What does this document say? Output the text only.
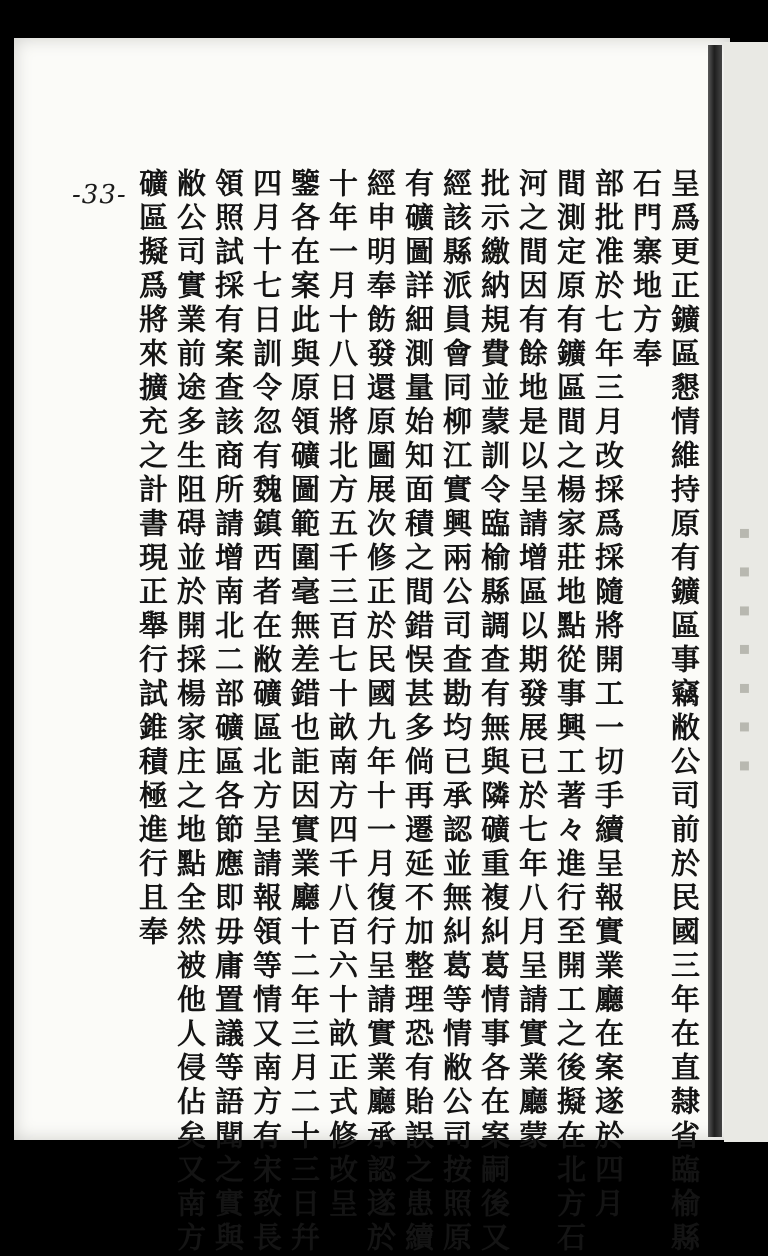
▪ ▪ ▪ ▪ ▪ ▪ ▪
-33-	呈爲更正鑛區懇情維持原有鑛區事竊敝公司前於民國三年在直隸省臨榆縣
石門寨地方奉
部批准於七年三月改採爲採隨將開工一切手續呈報實業廳在案遂於四月
間測定原有鑛區間之楊家莊地點從事興工著々進行至開工之後擬在北方石
河之間因有餘地是以呈請增區以期發展已於七年八月呈請實業廳蒙
批示繳納規費並蒙訓令臨榆縣調查有無與隣礦重複糾葛情事各在案嗣後又
經該縣派員會同柳江實興兩公司查勘均已承認並無糾葛等情敝公司按照原
有礦圖詳細測量始知面積之間錯悮甚多倘再遷延不加整理恐有貽誤之患續
經申明奉飭發還原圖展次修正於民國九年十一月復行呈請實業廳承認遂於
十年一月十八日將北方五千三百七十畝南方四千八百六十畝正式修改呈
鑒各在案此與原領礦圖範圍毫無差錯也詎因實業廳十二年三月二十三日幷
四月十七日訓令忽有魏鎮西者在敝礦區北方呈請報領等情又南方有宋致長
領照試採有案查該商所請增南北二部礦區各節應即毋庸置議等語聞之實與
敝公司實業前途多生阻碍並於開採楊家庄之地點全然被他人侵佔矣又南方
礦區擬爲將來擴充之計書現正舉行試錐積極進行且奉
